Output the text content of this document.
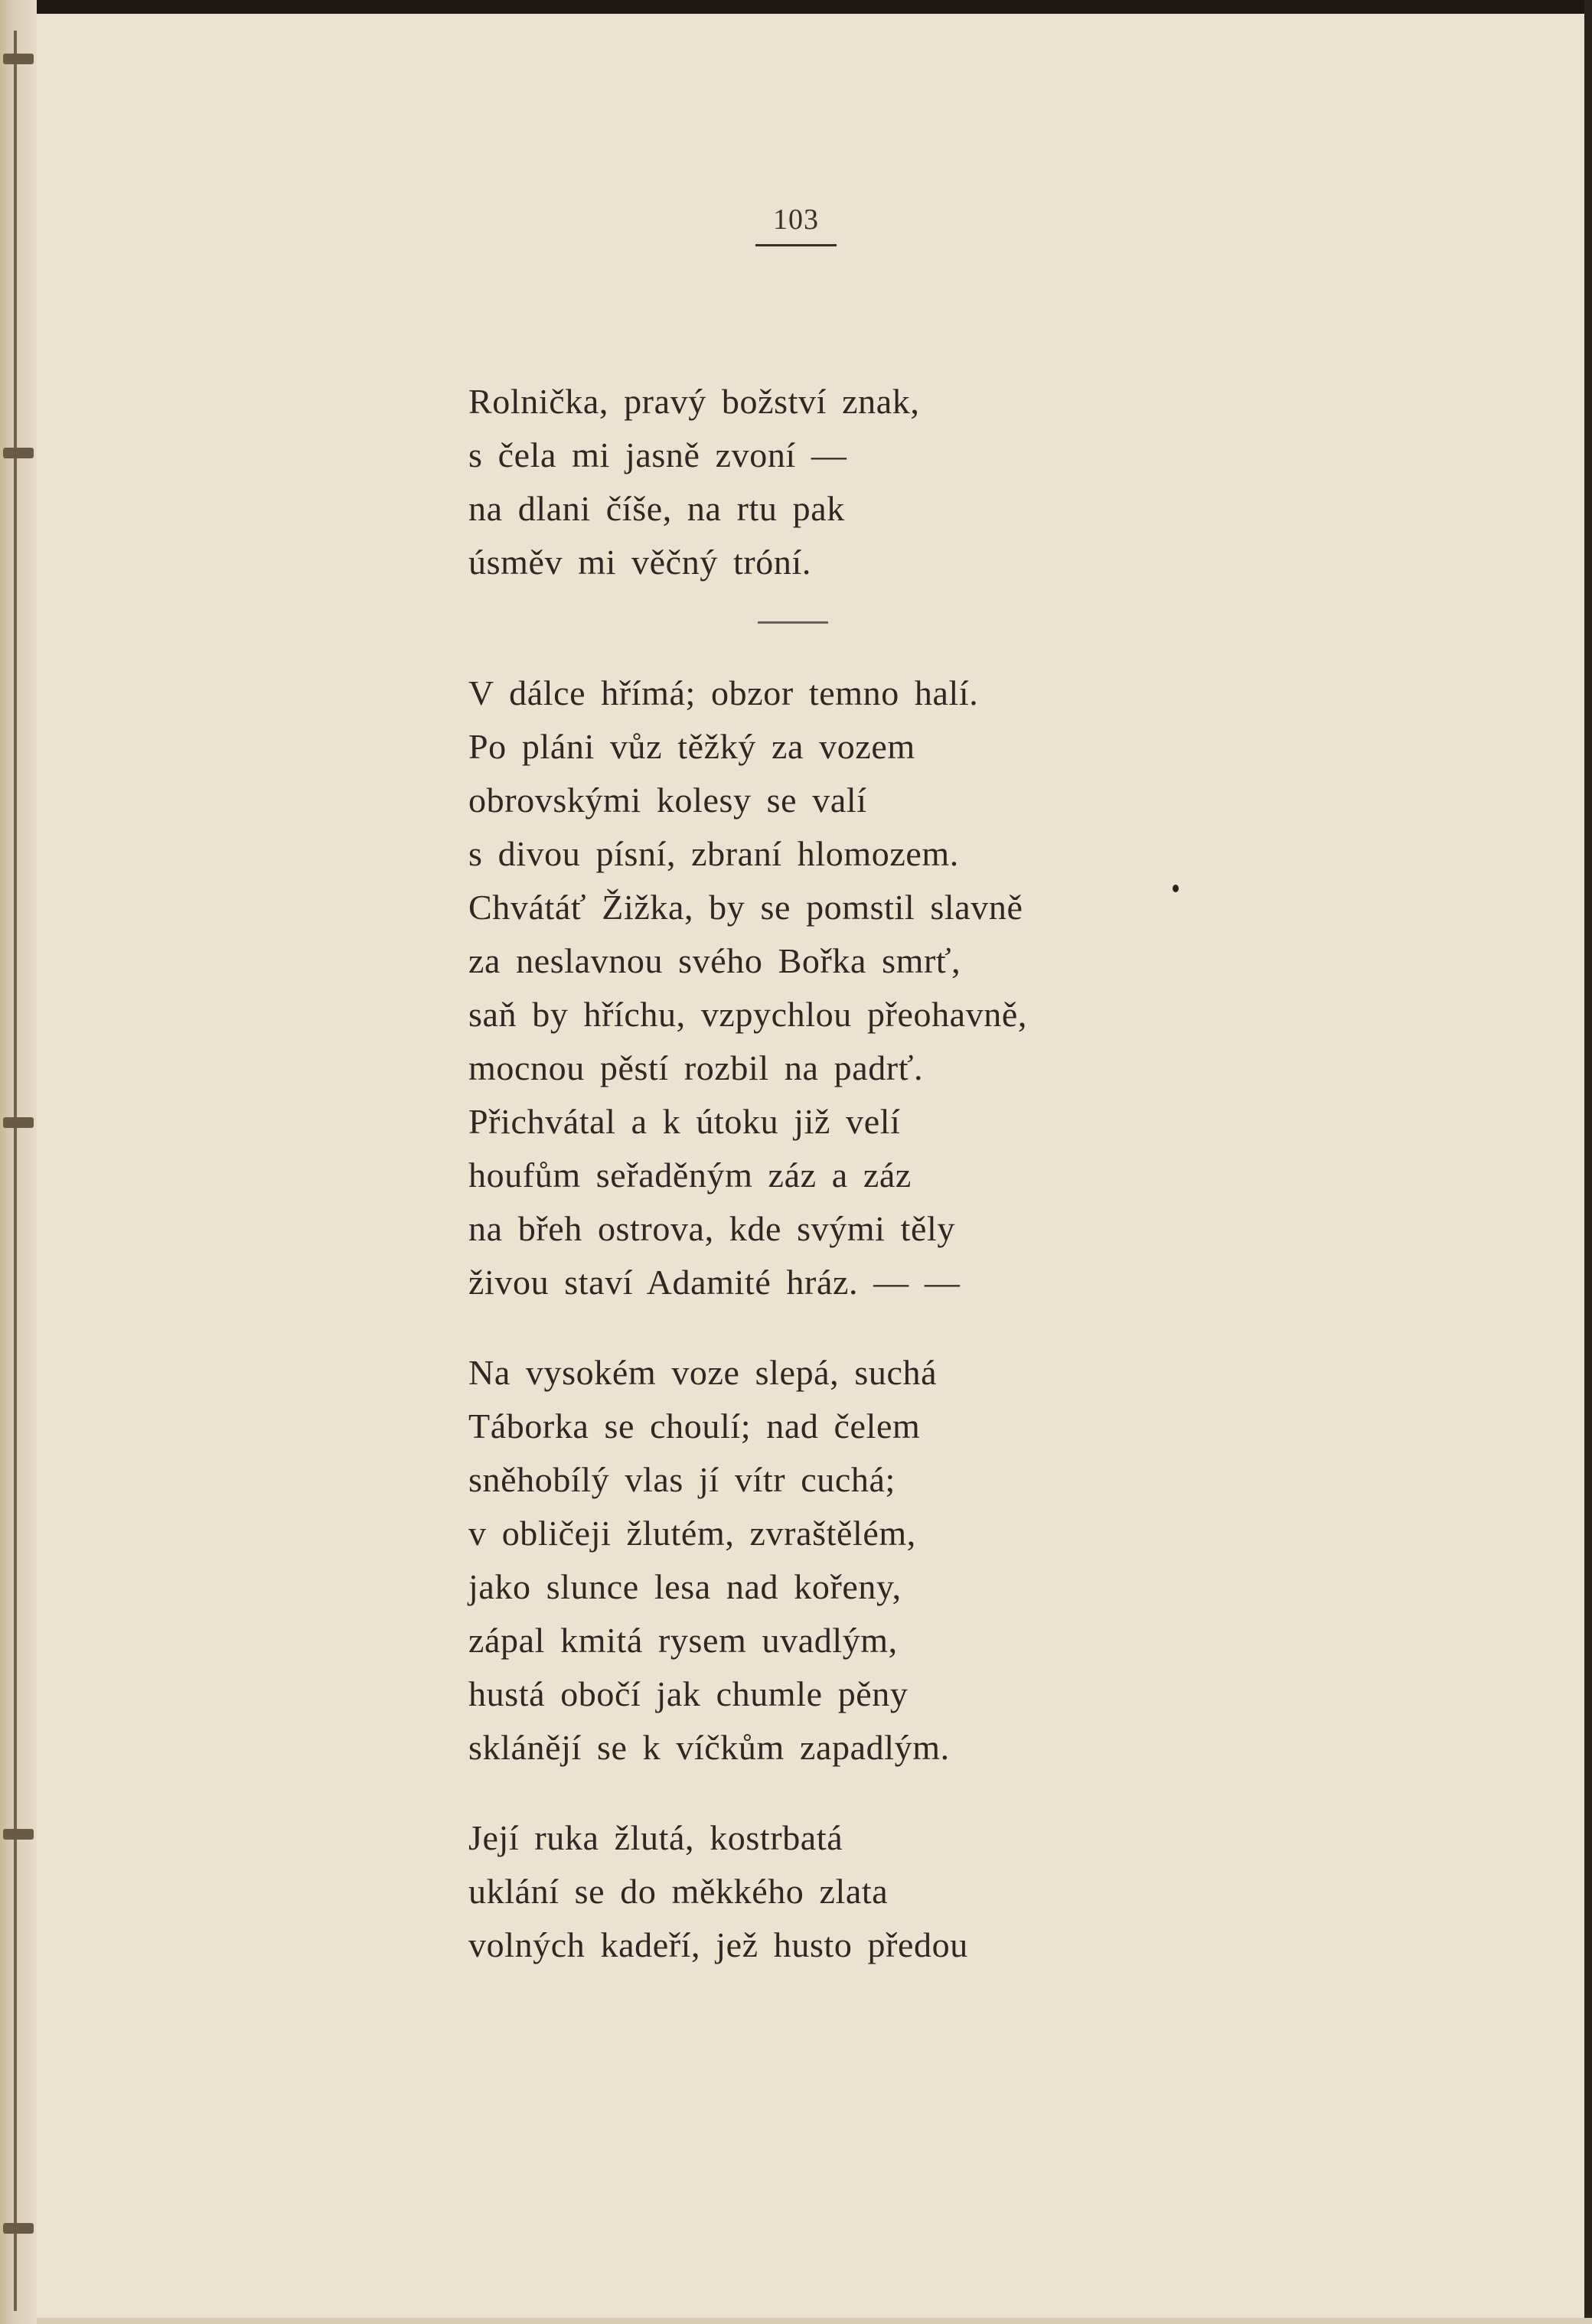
103
Rolnička, pravý božství znak,
s čela mi jasně zvoní —
na dlani číše, na rtu pak
úsměv mi věčný tróní.
V dálce hřímá; obzor temno halí.
Po pláni vůz těžký za vozem
obrovskými kolesy se valí
s divou písní, zbraní hlomozem.
Chvátáť Žižka, by se pomstil slavně
za neslavnou svého Bořka smrť,
saň by hříchu, vzpychlou přeohavně,
mocnou pěstí rozbil na padrť.
Přichvátal a k útoku již velí
houfům seřaděným záz a záz
na břeh ostrova, kde svými těly
živou staví Adamité hráz. — —
Na vysokém voze slepá, suchá
Táborka se choulí; nad čelem
sněhobílý vlas jí vítr cuchá;
v obličeji žlutém, zvraštělém,
jako slunce lesa nad kořeny,
zápal kmitá rysem uvadlým,
hustá obočí jak chumle pěny
sklánějí se k víčkům zapadlým.
Její ruka žlutá, kostrbatá
uklání se do měkkého zlata
volných kadeří, jež husto předou
